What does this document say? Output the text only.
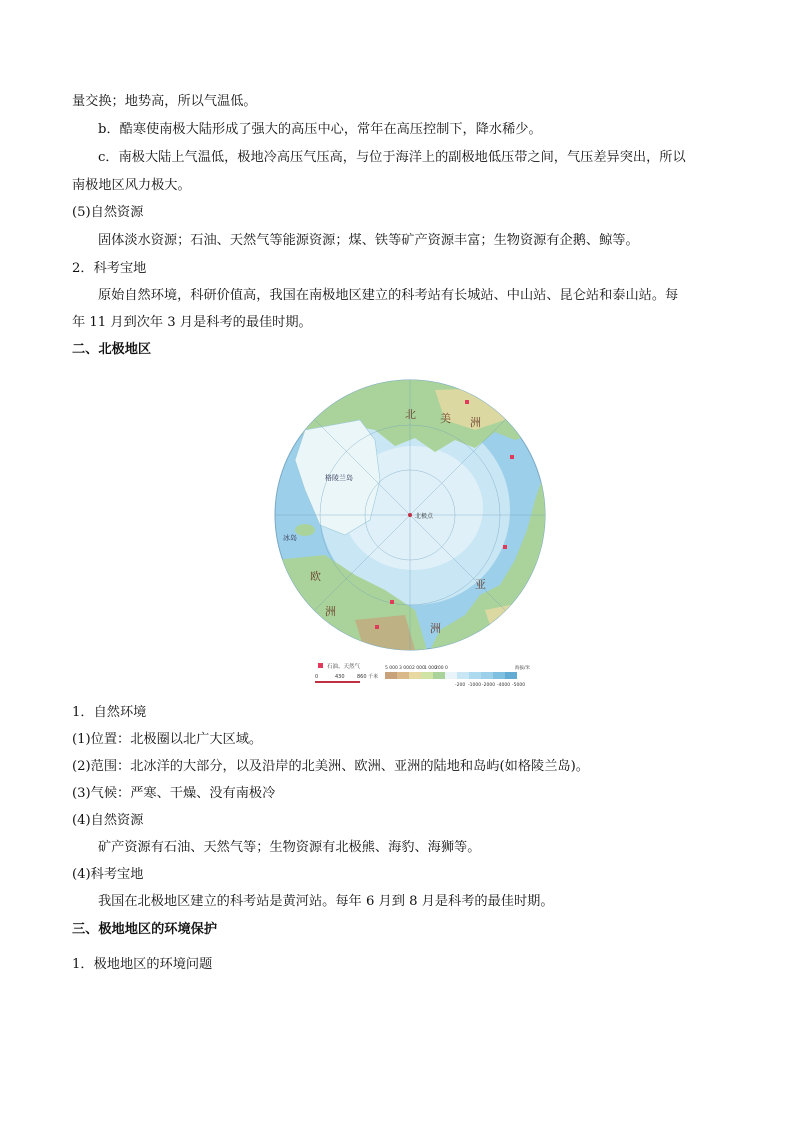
量交换；地势高，所以气温低。
b．酷寒使南极大陆形成了强大的高压中心，常年在高压控制下，降水稀少。
c．南极大陆上气温低，极地冷高压气压高，与位于海洋上的副极地低压带之间，气压差异突出，所以
南极地区风力极大。
(5)自然资源
固体淡水资源；石油、天然气等能源资源；煤、铁等矿产资源丰富；生物资源有企鹅、鲸等。
2．科考宝地
原始自然环境，科研价值高，我国在南极地区建立的科考站有长城站、中山站、昆仑站和泰山站。每
年 11 月到次年 3 月是科考的最佳时期。
二、北极地区
北极点
北 美 洲
欧
洲
亚
洲
格陵兰岛
冰岛
石油、天然气
0	430 860 千米
5 000 3 000 2 000 1 000
200 0	海拔/米
-200 -1000 -2000 -4000 -5000
1．自然环境
(1)位置：北极圈以北广大区域。
(2)范围：北冰洋的大部分，以及沿岸的北美洲、欧洲、亚洲的陆地和岛屿(如格陵兰岛)。
(3)气候：严寒、干燥、没有南极冷
(4)自然资源
矿产资源有石油、天然气等；生物资源有北极熊、海豹、海狮等。
(4)科考宝地
我国在北极地区建立的科考站是黄河站。每年 6 月到 8 月是科考的最佳时期。
三、极地地区的环境保护
1．极地地区的环境问题
